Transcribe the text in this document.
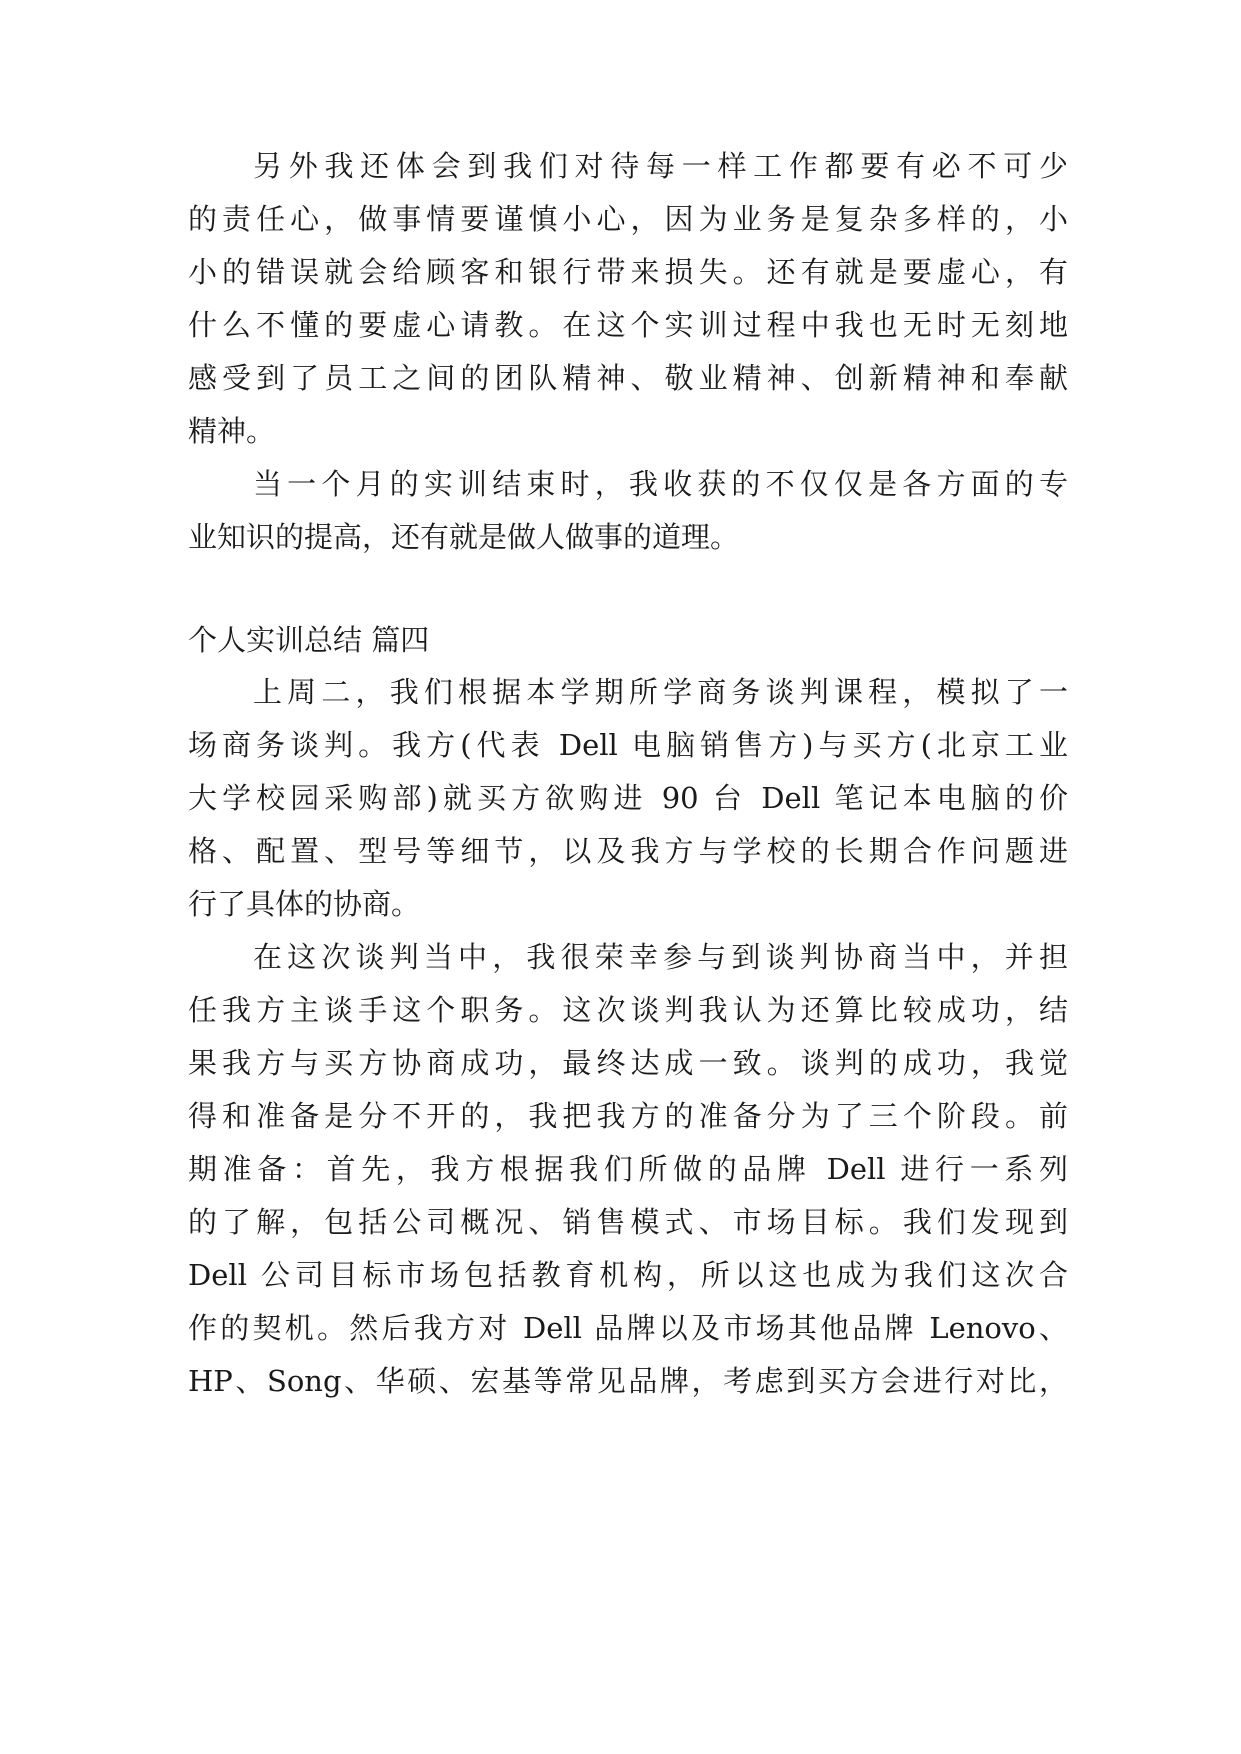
另外我还体会到我们对待每一样工作都要有必不可少
的责任心，做事情要谨慎小心，因为业务是复杂多样的，小
小的错误就会给顾客和银行带来损失。还有就是要虚心，有
什么不懂的要虚心请教。在这个实训过程中我也无时无刻地
感受到了员工之间的团队精神、敬业精神、创新精神和奉献
精神。
当一个月的实训结束时，我收获的不仅仅是各方面的专
业知识的提高，还有就是做人做事的道理。
个人实训总结 篇四
上周二，我们根据本学期所学商务谈判课程，模拟了一
场商务谈判。我方(代表 Dell 电脑销售方)与买方(北京工业
大学校园采购部)就买方欲购进 90 台 Dell 笔记本电脑的价
格、配置、型号等细节，以及我方与学校的长期合作问题进
行了具体的协商。
在这次谈判当中，我很荣幸参与到谈判协商当中，并担
任我方主谈手这个职务。这次谈判我认为还算比较成功，结
果我方与买方协商成功，最终达成一致。谈判的成功，我觉
得和准备是分不开的，我把我方的准备分为了三个阶段。前
期准备：首先，我方根据我们所做的品牌 Dell 进行一系列
的了解，包括公司概况、销售模式、市场目标。我们发现到
Dell 公司目标市场包括教育机构，所以这也成为我们这次合
作的契机。然后我方对 Dell 品牌以及市场其他品牌 Lenovo、
HP、Song、华硕、宏基等常见品牌，考虑到买方会进行对比，
